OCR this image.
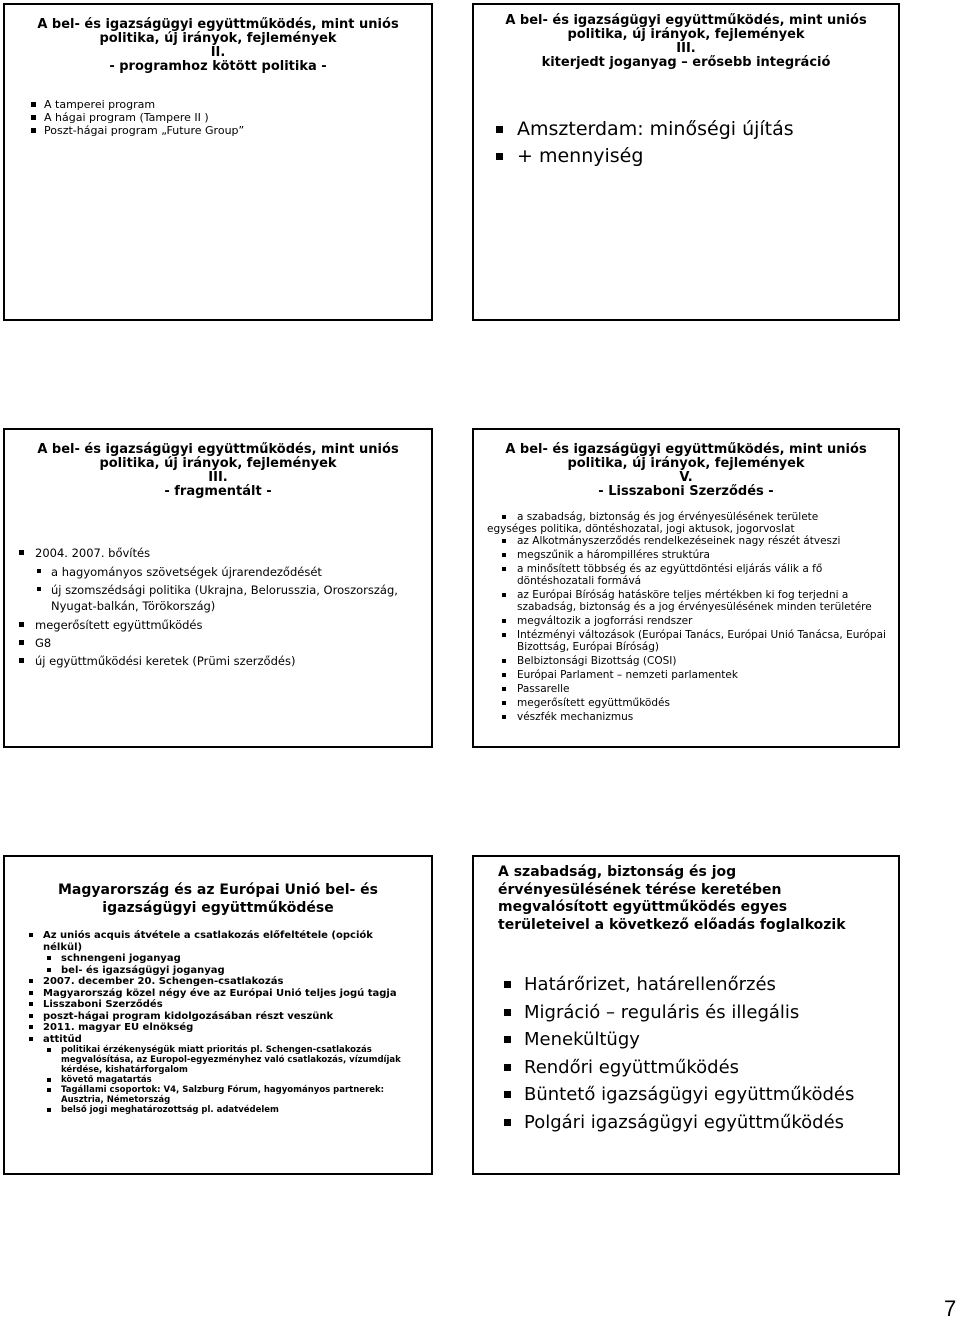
A bel- és igazságügyi együttműködés, mint uniós
politika, új irányok, fejlemények
II.
- programhoz kötött politika -

A tamperei program
A hágai program (Tampere II )
Poszt-hágai program „Future Group”

A bel- és igazságügyi együttműködés, mint uniós
politika, új irányok, fejlemények
III.
kiterjedt joganyag – erősebb integráció

Amszterdam: minőségi újítás
+ mennyiség

A bel- és igazságügyi együttműködés, mint uniós
politika, új irányok, fejlemények
III.
- fragmentált -

2004. 2007. bővítés
a hagyományos szövetségek újrarendeződését
új szomszédsági politika (Ukrajna, Belorusszia, Oroszország, Nyugat-balkán, Törökország)
megerősített együttműködés
G8
új együttműködési keretek (Prümi szerződés)

A bel- és igazságügyi együttműködés, mint uniós
politika, új irányok, fejlemények
V.
- Lisszaboni Szerződés -

a szabadság, biztonság és jog érvényesülésének területe
egységes politika, döntéshozatal, jogi aktusok, jogorvoslat
az Alkotmányszerződés rendelkezéseinek nagy részét átveszi
megszűnik a hárompilléres struktúra
a minősített többség és az együttdöntési eljárás válik a fő döntéshozatali formává
az Európai Bíróság hatásköre teljes mértékben ki fog terjedni a szabadság, biztonság és a jog érvényesülésének minden területére
megváltozik a jogforrási rendszer
Intézményi változások (Európai Tanács, Európai Unió Tanácsa, Európai Bizottság, Európai Bíróság)
Belbiztonsági Bizottság (COSI)
Európai Parlament – nemzeti parlamentek
Passarelle
megerősített együttműködés
vészfék mechanizmus

Magyarország és az Európai Unió bel- és
igazságügyi együttműködése

Az uniós acquis átvétele a csatlakozás előfeltétele (opciók nélkül)
schnengeni joganyag
bel- és igazságügyi joganyag
2007. december 20. Schengen-csatlakozás
Magyarország közel négy éve az Európai Unió teljes jogú tagja
Lisszaboni Szerződés
poszt-hágai program kidolgozásában részt veszünk
2011. magyar EU elnökség
attitűd
politikai érzékenységük miatt prioritás pl. Schengen-csatlakozás megvalósítása, az Europol-egyezményhez való csatlakozás, vízumdíjak kérdése, kishatárforgalom
követő magatartás
Tagállami csoportok: V4, Salzburg Fórum, hagyományos partnerek: Ausztria, Németország
belső jogi meghatározottság pl. adatvédelem

A szabadság, biztonság és jog
érvényesülésének térése keretében
megvalósított együttműködés egyes
területeivel a következő előadás foglalkozik

Határőrizet, határellenőrzés
Migráció – reguláris és illegális
Menekültügy
Rendőri együttműködés
Büntető igazságügyi együttműködés
Polgári igazságügyi együttműködés
7
